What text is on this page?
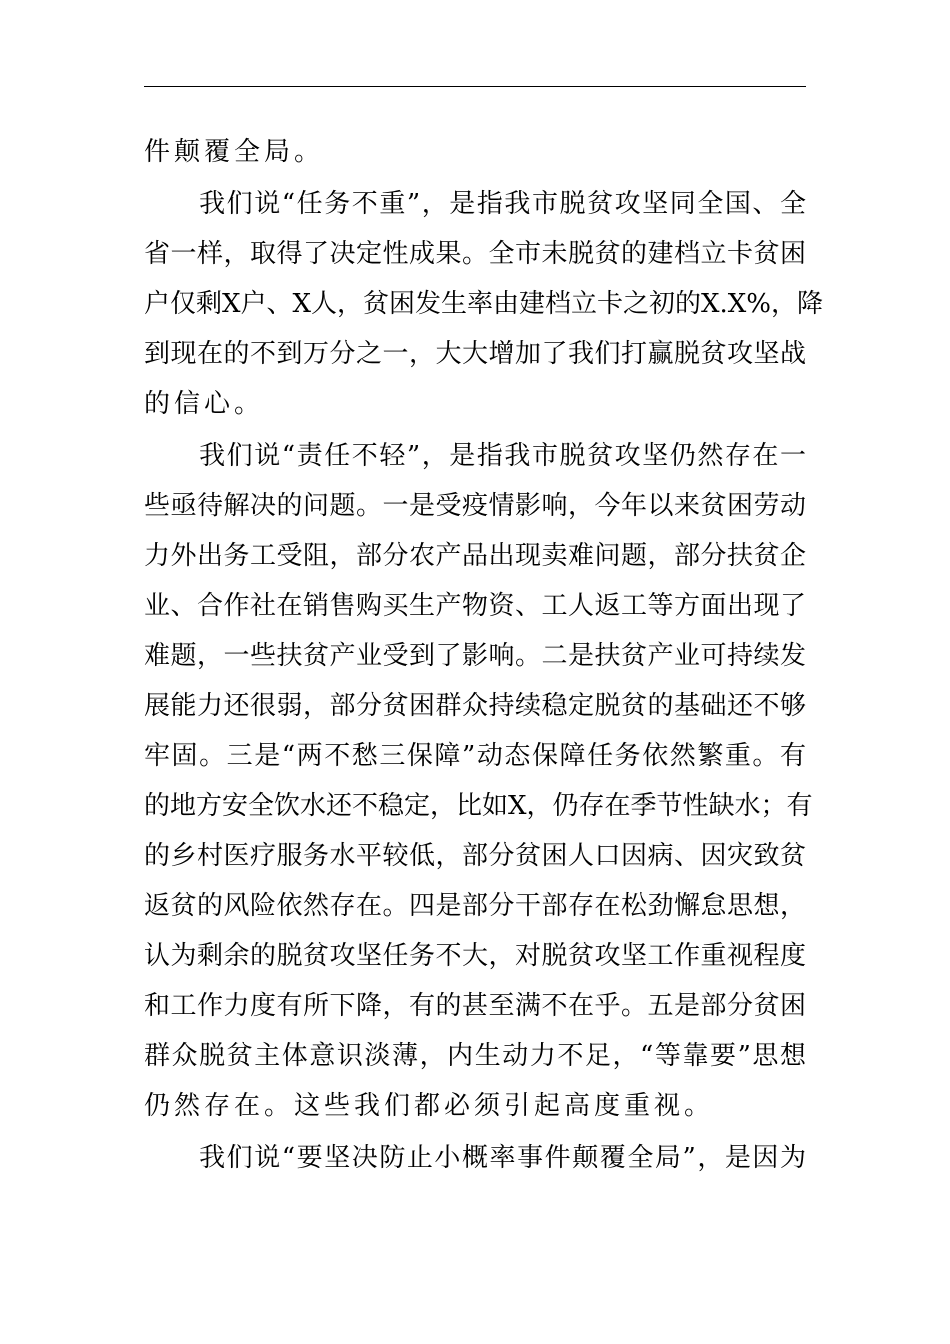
件颠覆全局。

　　我们说“任务不重”，是指我市脱贫攻坚同全国、全

省一样，取得了决定性成果。全市未脱贫的建档立卡贫困

户仅剩X户、X人，贫困发生率由建档立卡之初的X.X%，降

到现在的不到万分之一，大大增加了我们打赢脱贫攻坚战

的信心。

　　我们说“责任不轻”，是指我市脱贫攻坚仍然存在一

些亟待解决的问题。一是受疫情影响，今年以来贫困劳动

力外出务工受阻，部分农产品出现卖难问题，部分扶贫企

业、合作社在销售购买生产物资、工人返工等方面出现了

难题，一些扶贫产业受到了影响。二是扶贫产业可持续发

展能力还很弱，部分贫困群众持续稳定脱贫的基础还不够

牢固。三是“两不愁三保障”动态保障任务依然繁重。有

的地方安全饮水还不稳定，比如X，仍存在季节性缺水；有

的乡村医疗服务水平较低，部分贫困人口因病、因灾致贫

返贫的风险依然存在。四是部分干部存在松劲懈怠思想，

认为剩余的脱贫攻坚任务不大，对脱贫攻坚工作重视程度

和工作力度有所下降，有的甚至满不在乎。五是部分贫困

群众脱贫主体意识淡薄，内生动力不足，“等靠要”思想

仍然存在。这些我们都必须引起高度重视。

　　我们说“要坚决防止小概率事件颠覆全局”，是因为
